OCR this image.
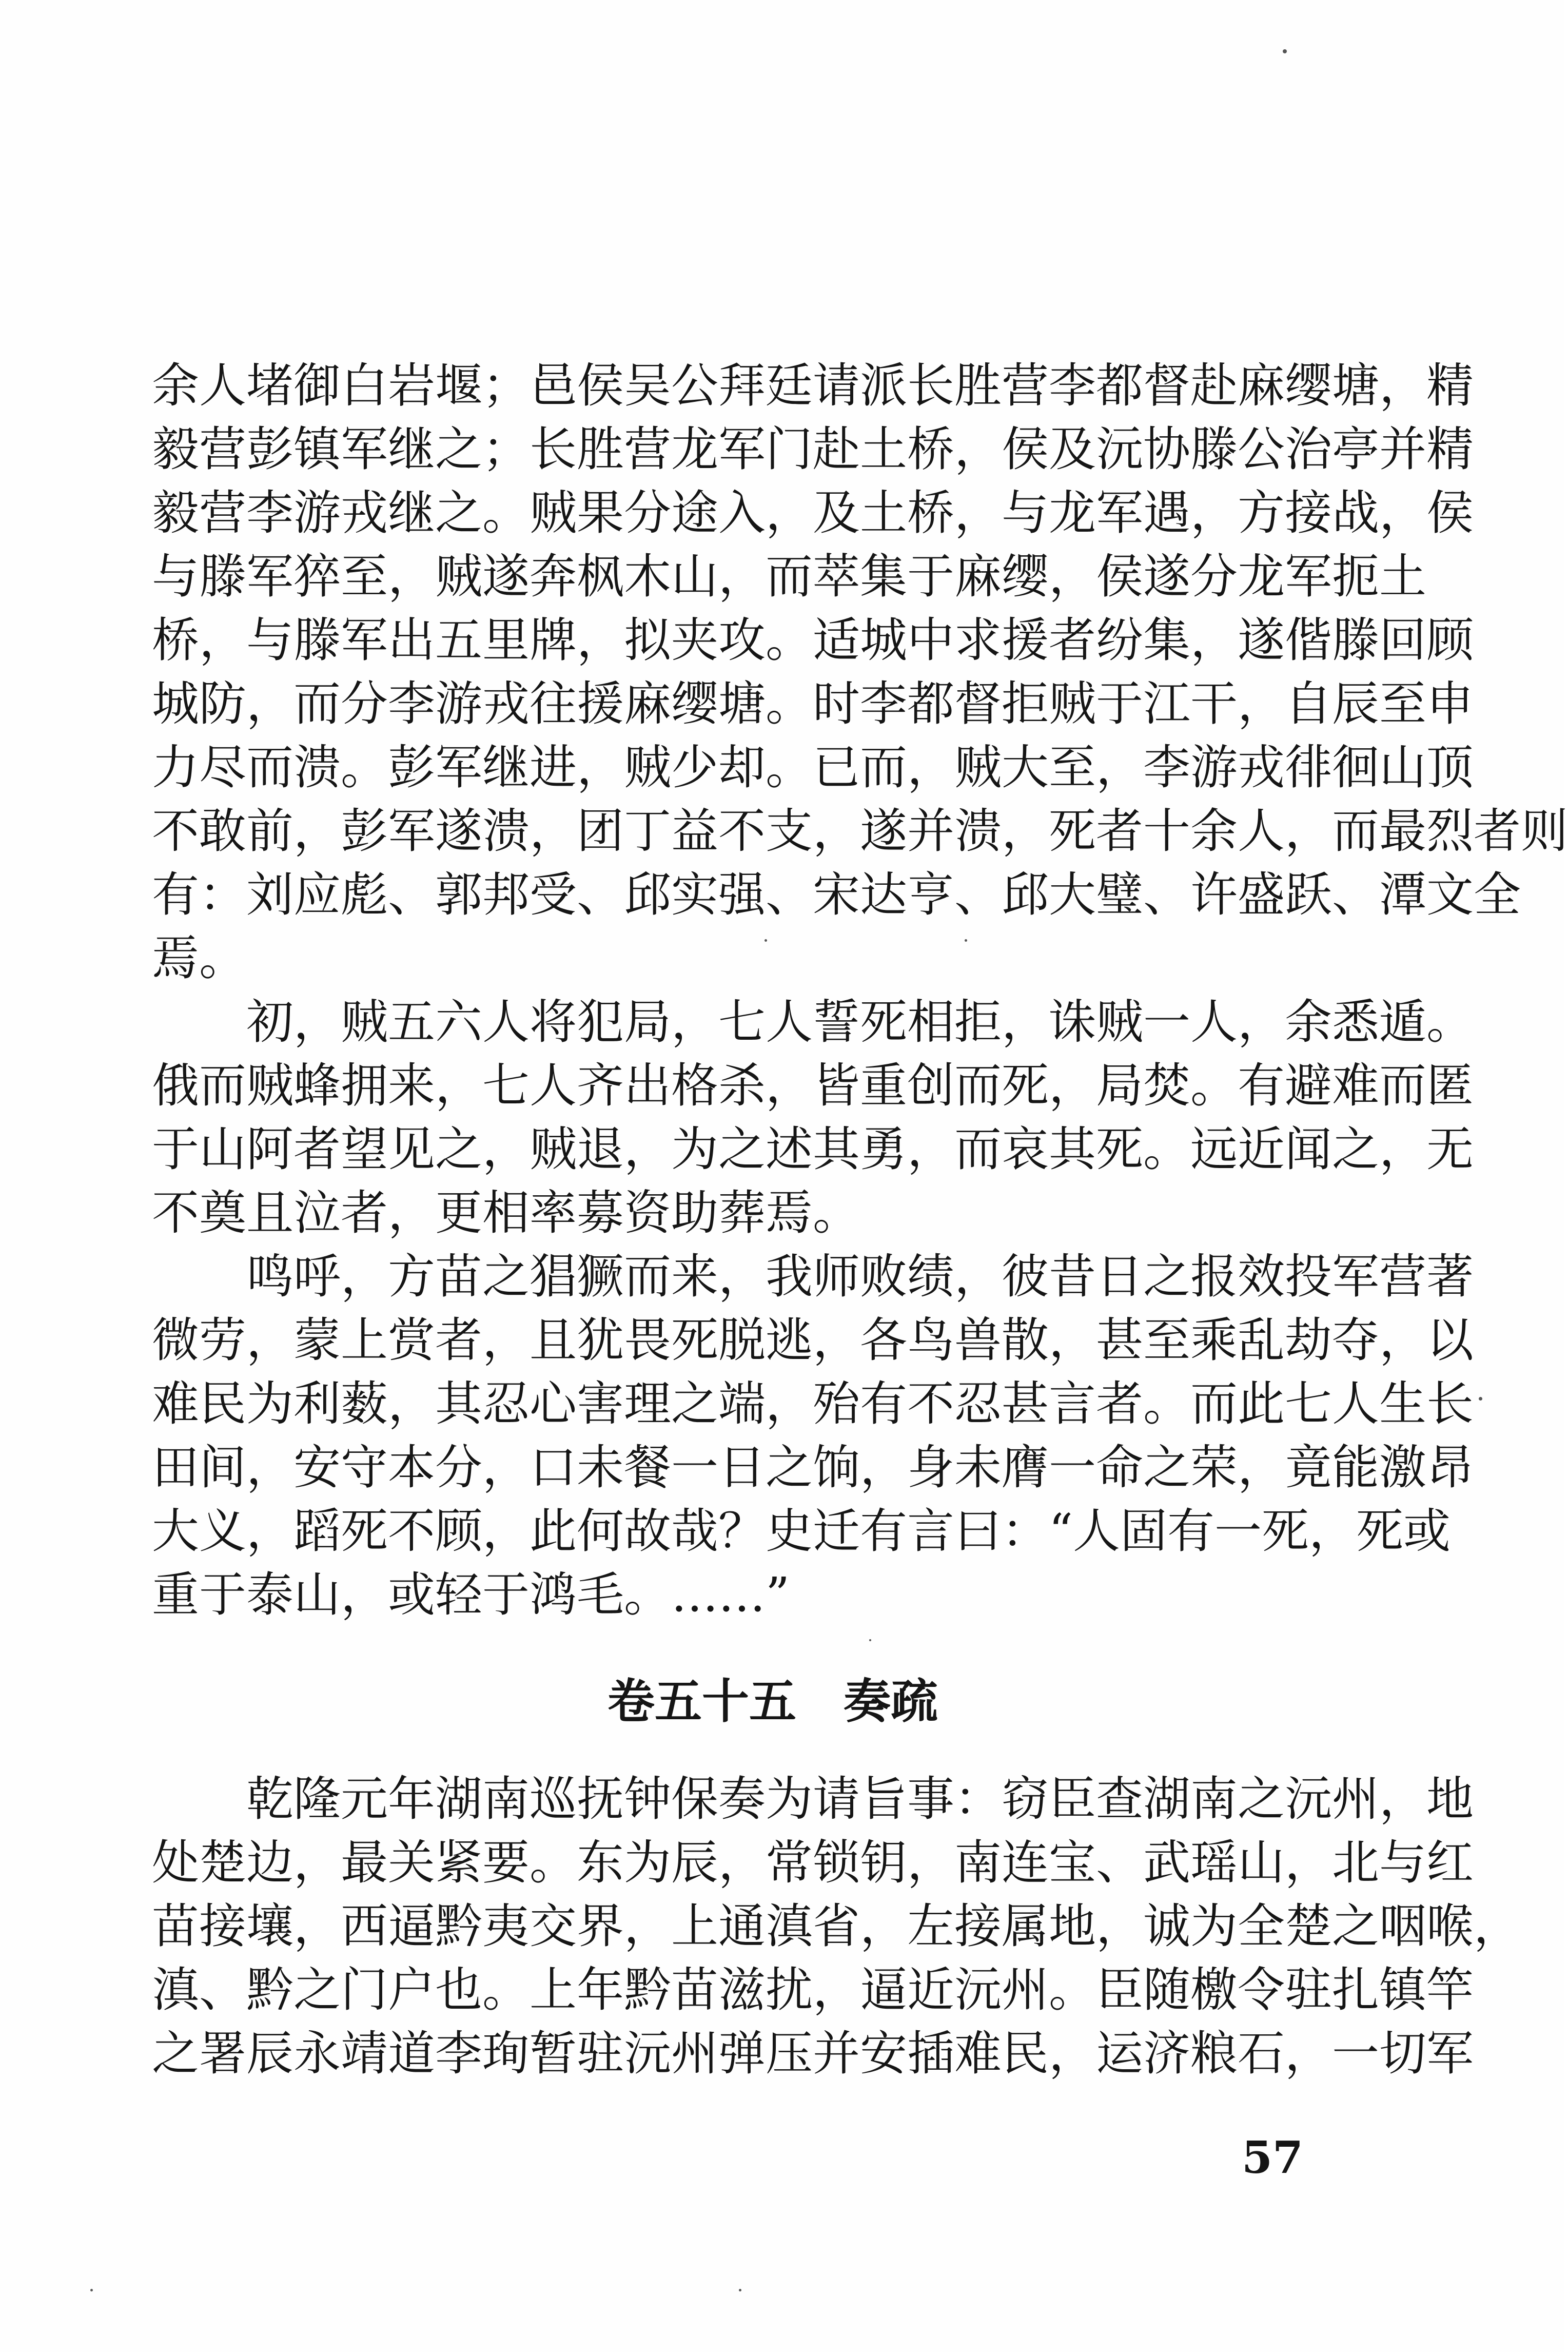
余人堵御白岩堰；邑侯吴公拜廷请派长胜营李都督赴麻缨塘，精
毅营彭镇军继之；长胜营龙军门赴土桥，侯及沅协滕公治亭并精
毅营李游戎继之。贼果分途入，及土桥，与龙军遇，方接战，侯
与滕军猝至，贼遂奔枫木山，而萃集于麻缨，侯遂分龙军扼土
桥，与滕军出五里牌，拟夹攻。适城中求援者纷集，遂偕滕回顾
城防，而分李游戎往援麻缨塘。时李都督拒贼于江干，自辰至申
力尽而溃。彭军继进，贼少却。已而，贼大至，李游戎徘徊山顶
不敢前，彭军遂溃，团丁益不支，遂并溃，死者十余人，而最烈者则
有：刘应彪、郭邦受、邱实强、宋达亨、邱大璧、许盛跃、潭文全
焉。
　　初，贼五六人将犯局，七人誓死相拒，诛贼一人，余悉遁。
俄而贼蜂拥来，七人齐出格杀，皆重创而死，局焚。有避难而匿
于山阿者望见之，贼退，为之述其勇，而哀其死。远近闻之，无
不奠且泣者，更相率募资助葬焉。
　　鸣呼，方苗之猖獗而来，我师败绩，彼昔日之报效投军营著
微劳，蒙上赏者，且犹畏死脱逃，各鸟兽散，甚至乘乱劫夺，以
难民为利薮，其忍心害理之端，殆有不忍甚言者。而此七人生长
田间，安守本分，口未餐一日之饷，身未膺一命之荣，竟能激昂
大义，蹈死不顾，此何故哉？史迁有言曰：“人固有一死，死或
重于泰山，或轻于鸿毛。……”
卷五十五　奏疏
　　乾隆元年湖南巡抚钟保奏为请旨事：窃臣查湖南之沅州，地
处楚边，最关紧要。东为辰，常锁钥，南连宝、武瑶山，北与红
苗接壤，西逼黔夷交界，上通滇省，左接属地，诚为全楚之咽喉，
滇、黔之门户也。上年黔苗滋扰，逼近沅州。臣随檄令驻扎镇竿
之署辰永靖道李珣暂驻沅州弹压并安插难民，运济粮石，一切军
57
